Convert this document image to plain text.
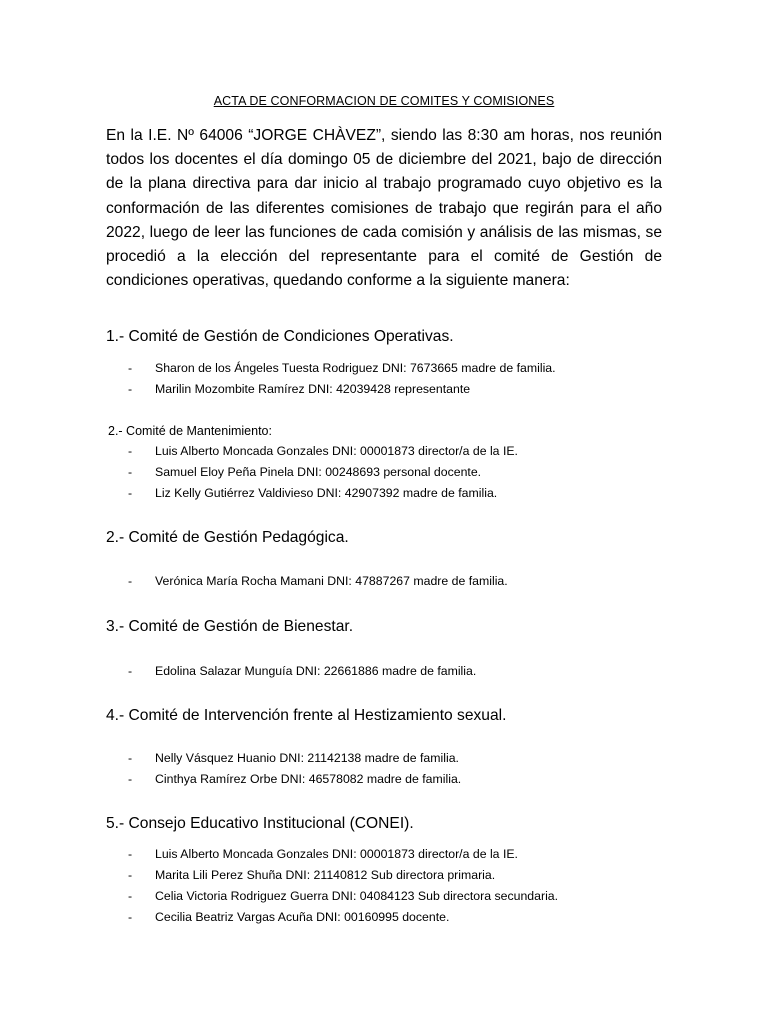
ACTA DE CONFORMACION DE COMITES Y COMISIONES

En la I.E. Nº 64006 “JORGE CHÀVEZ”, siendo las 8:30 am horas, nos reunión todos los docentes el día domingo 05 de diciembre del 2021, bajo de dirección de la plana directiva para dar inicio al trabajo programado cuyo objetivo es la conformación de las diferentes comisiones de trabajo que regirán para el año 2022, luego de leer las funciones de cada comisión y análisis de las mismas, se procedió a la elección del representante para el comité de Gestión de condiciones operativas, quedando conforme a la siguiente manera:

1.- Comité de Gestión de Condiciones Operativas.

- Sharon de los Ángeles Tuesta Rodriguez DNI: 7673665 madre de familia.
- Marilin Mozombite Ramírez DNI: 42039428 representante

2.- Comité de Mantenimiento:

- Luis Alberto Moncada Gonzales DNI: 00001873 director/a de la IE.
- Samuel Eloy Peña Pinela DNI: 00248693 personal docente.
- Liz Kelly Gutiérrez Valdivieso DNI: 42907392 madre de familia.

2.- Comité de Gestión Pedagógica.

- Verónica María Rocha Mamani DNI: 47887267 madre de familia.

3.- Comité de Gestión de Bienestar.

- Edolina Salazar Munguía DNI: 22661886 madre de familia.

4.- Comité de Intervención frente al Hestizamiento sexual.

- Nelly Vásquez Huanio DNI: 21142138 madre de familia.
- Cinthya Ramírez Orbe DNI: 46578082 madre de familia.

5.- Consejo Educativo Institucional (CONEI).

- Luis Alberto Moncada Gonzales DNI: 00001873 director/a de la IE.
- Marita Lili Perez Shuña DNI: 21140812 Sub directora primaria.
- Celia Victoria Rodriguez Guerra DNI: 04084123 Sub directora secundaria.
- Cecilia Beatriz Vargas Acuña DNI: 00160995 docente.
